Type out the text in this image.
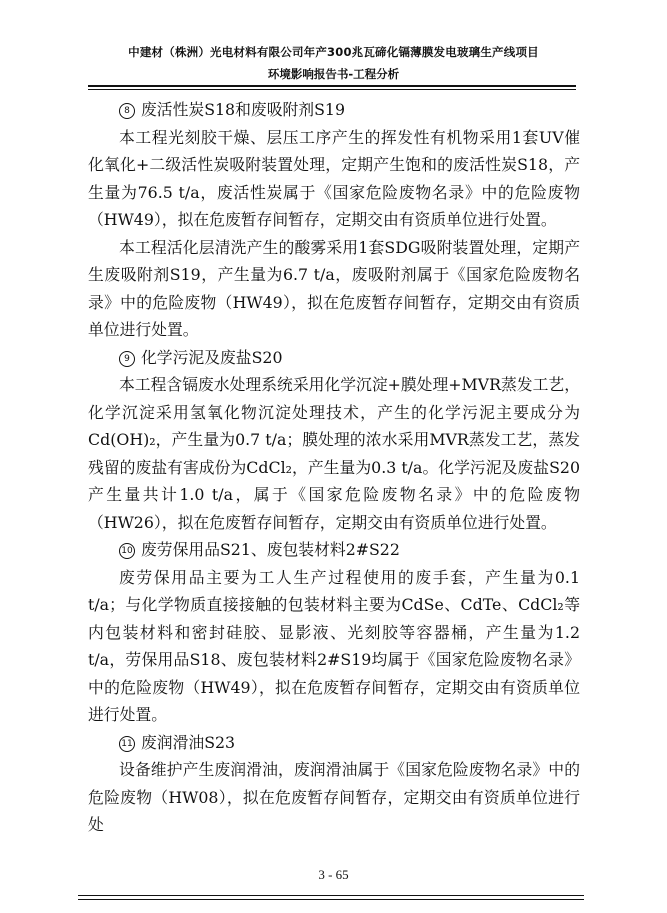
中建材（株洲）光电材料有限公司年产300兆瓦碲化镉薄膜发电玻璃生产线项目
环境影响报告书-工程分析

8 废活性炭S18和废吸附剂S19

本工程光刻胶干燥、层压工序产生的挥发性有机物采用1套UV催化氧化+二级活性炭吸附装置处理，定期产生饱和的废活性炭S18，产生量为76.5 t/a，废活性炭属于《国家危险废物名录》中的危险废物（HW49），拟在危废暂存间暂存，定期交由有资质单位进行处置。

本工程活化层清洗产生的酸雾采用1套SDG吸附装置处理，定期产生废吸附剂S19，产生量为6.7 t/a，废吸附剂属于《国家危险废物名录》中的危险废物（HW49），拟在危废暂存间暂存，定期交由有资质单位进行处置。

9 化学污泥及废盐S20

本工程含镉废水处理系统采用化学沉淀+膜处理+MVR蒸发工艺，化学沉淀采用氢氧化物沉淀处理技术，产生的化学污泥主要成分为Cd(OH)₂，产生量为0.7 t/a；膜处理的浓水采用MVR蒸发工艺，蒸发残留的废盐有害成份为CdCl₂，产生量为0.3 t/a。化学污泥及废盐S20产生量共计1.0 t/a，属于《国家危险废物名录》中的危险废物（HW26），拟在危废暂存间暂存，定期交由有资质单位进行处置。

10 废劳保用品S21、废包装材料2#S22

废劳保用品主要为工人生产过程使用的废手套，产生量为0.1 t/a；与化学物质直接接触的包装材料主要为CdSe、CdTe、CdCl₂等内包装材料和密封硅胶、显影液、光刻胶等容器桶，产生量为1.2 t/a，劳保用品S18、废包装材料2#S19均属于《国家危险废物名录》中的危险废物（HW49），拟在危废暂存间暂存，定期交由有资质单位进行处置。

11 废润滑油S23

设备维护产生废润滑油，废润滑油属于《国家危险废物名录》中的危险废物（HW08），拟在危废暂存间暂存，定期交由有资质单位进行处

3 - 65
